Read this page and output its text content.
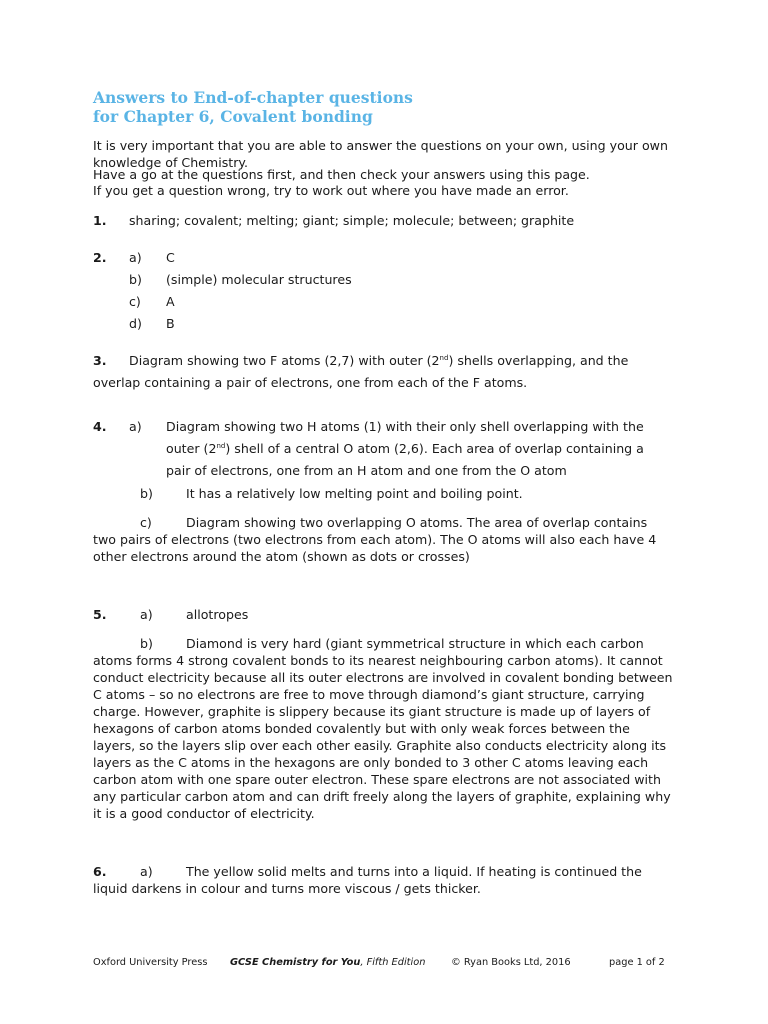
Answers to End-of-chapter questions
for Chapter 6, Covalent bonding
It is very important that you are able to answer the questions on your own, using your own knowledge of Chemistry.
Have a go at the questions first, and then check your answers using this page.
If you get a question wrong, try to work out where you have made an error.
1. sharing; covalent; melting; giant; simple; molecule; between; graphite
2. a) C
b) (simple) molecular structures
c) A
d) B
3. Diagram showing two F atoms (2,7) with outer (2nd) shells overlapping, and the
overlap containing a pair of electrons, one from each of the F atoms.
4. a) Diagram showing two H atoms (1) with their only shell overlapping with the
outer (2nd) shell of a central O atom (2,6). Each area of overlap containing a
pair of electrons, one from an H atom and one from the O atom
b)	It has a relatively low melting point and boiling point.
c)	Diagram showing two overlapping O atoms. The area of overlap contains
two pairs of electrons (two electrons from each atom). The O atoms will also each have 4 other electrons around the atom (shown as dots or crosses)
5.	a)	allotropes
b)	Diamond is very hard (giant symmetrical structure in which each carbon
atoms forms 4 strong covalent bonds to its nearest neighbouring carbon atoms). It cannot conduct electricity because all its outer electrons are involved in covalent bonding between C atoms – so no electrons are free to move through diamond’s giant structure, carrying charge. However, graphite is slippery because its giant structure is made up of layers of hexagons of carbon atoms bonded covalently but with only weak forces between the layers, so the layers slip over each other easily. Graphite also conducts electricity along its layers as the C atoms in the hexagons are only bonded to 3 other C atoms leaving each carbon atom with one spare outer electron. These spare electrons are not associated with any particular carbon atom and can drift freely along the layers of graphite, explaining why it is a good conductor of electricity.
6.	a)	The yellow solid melts and turns into a liquid. If heating is continued the
liquid darkens in colour and turns more viscous / gets thicker.
Oxford University Press GCSE Chemistry for You, Fifth Edition	© Ryan Books Ltd, 2016	page 1 of 2
